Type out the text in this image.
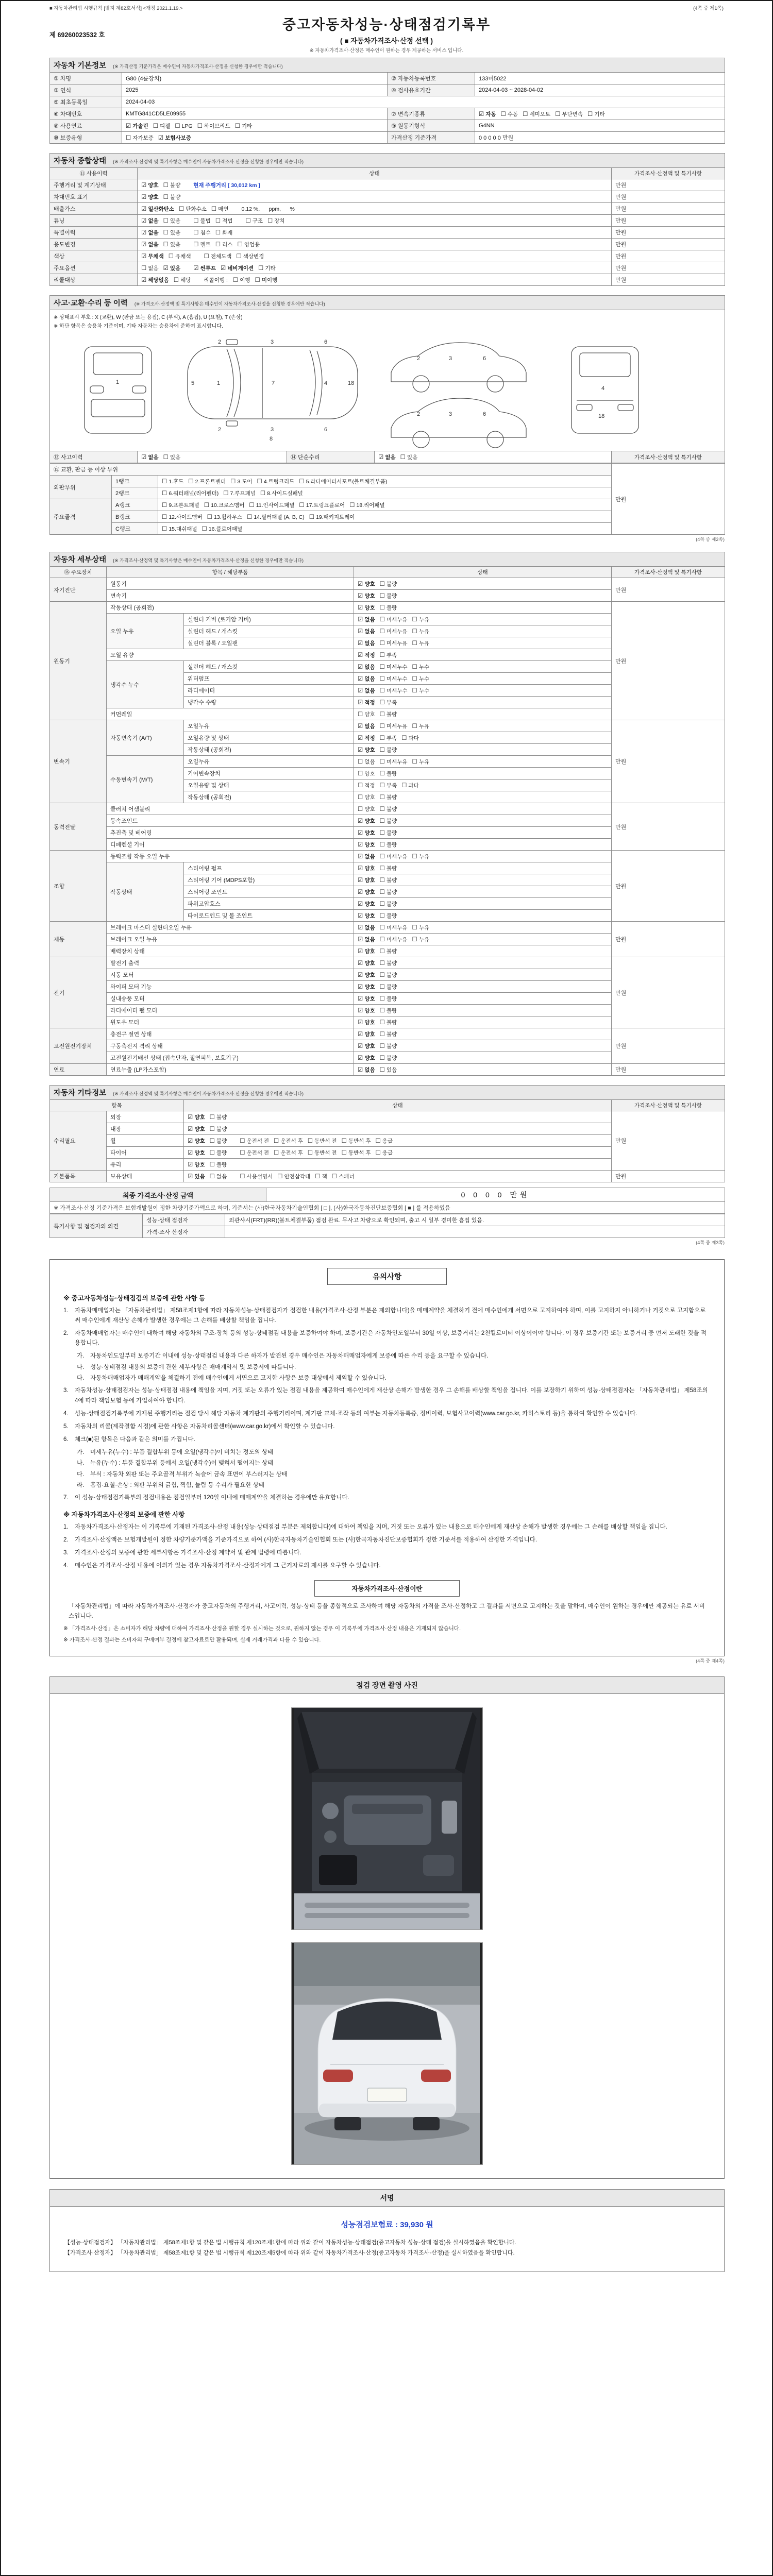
■ 자동차관리법 시행규칙 [별지 제82호서식] <개정 2021.1.19.>	(4쪽 중 제1쪽)
제 69260023532 호
중고자동차성능·상태점검기록부
( ■ 자동차가격조사·산정 선택 )
※ 자동차가격조사·산정은 매수인이 원하는 경우 제공하는 서비스 입니다.
자동차 기본정보 (※ 가격산정 기준가격은 매수인이 자동차가격조사·산정을 신청한 경우에만 적습니다)			
① 차명	G80 (4륜장치)	② 자동차등록번호	133머5022
③ 연식	2025	④ 검사유효기간	2024-04-03 ~ 2028-04-02
⑤ 최초등록일	2024-04-03		
⑥ 차대번호	KMTG841CD5LE09955	⑦ 변속기종류	☑ 자동 ☐ 수동 ☐ 세미오토 ☐ 무단변속 ☐ 기타
⑧ 사용연료	☑ 가솔린 ☐ 디젤 ☐ LPG ☐ 하이브리드 ☐ 기타	⑨ 원동기형식	G4NN
⑩ 보증유형	☐ 자가보증 ☑ 보험사보증	가격산정 기준가격	0 0 0 0 0 만원
자동차 종합상태 (※ 가격조사·산정액 및 특기사항은 매수인이 자동차가격조사·산정을 신청한 경우에만 적습니다)		
⑪ 사용이력	상태	가격조사·산정액 및 특기사항
주행거리 및 계기상태	☑ 양호 ☐ 불량 현재 주행거리 [ 30,012 km ]	만원
차대번호 표기	☑ 양호 ☐ 불량	만원
배출가스	☑ 일산화탄소 ☐ 탄화수소 ☐ 매연 0.12 %,      ppm,      %	만원
튜닝	☑ 없음 ☐ 있음 ☐ 불법 ☐ 적법 ☐ 구조 ☐ 장치	만원
특별이력	☑ 없음 ☐ 있음 ☐ 침수 ☐ 화재	만원
용도변경	☑ 없음 ☐ 있음 ☐ 렌트 ☐ 리스 ☐ 영업용	만원
색상	☑ 무채색 ☐ 유채색 ☐ 전체도색 ☐ 색상변경	만원
주요옵션	☐ 없음 ☑ 있음 ☑ 썬루프 ☑ 네비게이션 ☐ 기타	만원
리콜대상	☑ 해당없음 ☐ 해당 리콜이행 : ☐ 이행 ☐ 미이행	만원
사고·교환·수리 등 이력 (※ 가격조사·산정액 및 특기사항은 매수인이 자동차가격조사·산정을 신청한 경우에만 적습니다)

※ 상태표시 부호 : X (교환), W (판금 또는 용접), C (부식), A (흠집), U (요철), T (손상)
※ 하단 항목은 승용차 기준이며, 기타 자동차는 승용차에 준하여 표시합니다.
1	5	1	7	4	18
2
2
3
3
6
6
8
2	3	6
2	3	6
4
18

⑬ 사고이력	☑ 없음 ☐ 있음	⑭ 단순수리	☑ 없음 ☐ 있음	가격조사·산정액 및 특기사항
⑮ 교환, 판금 등 이상 부위			만원
외판부위	1랭크	☐ 1.후드 ☐ 2.프론트펜더 ☐ 3.도어 ☐ 4.트렁크리드 ☐ 5.라디에이터서포트(볼트체결부품)	
	2랭크	☐ 6.쿼터패널(리어펜더) ☐ 7.루프패널 ☐ 8.사이드실패널	
주요골격	A랭크	☐ 9.프론트패널 ☐ 10.크로스멤버 ☐ 11.인사이드패널 ☐ 17.트렁크플로어 ☐ 18.리어패널	
	B랭크	☐ 12.사이드멤버 ☐ 13.휠하우스 ☐ 14.필러패널 (A, B, C) ☐ 19.패키지트레이	
	C랭크	☐ 15.대쉬패널 ☐ 16.플로어패널	
(4쪽 중 제2쪽)
자동차 세부상태 (※ 가격조사·산정액 및 특기사항은 매수인이 자동차가격조사·산정을 신청한 경우에만 적습니다)				
⑯ 주요장치	항목 / 해당부품		상태	가격조사·산정액 및 특기사항
자기진단	원동기		☑ 양호 ☐ 불량	만원
	변속기		☑ 양호 ☐ 불량	
원동기	작동상태 (공회전)		☑ 양호 ☐ 불량	만원
	오일 누유	실린더 커버 (로커암 커버)	☑ 없음 ☐ 미세누유 ☐ 누유	
		실린더 헤드 / 개스킷	☑ 없음 ☐ 미세누유 ☐ 누유	
		실린더 블록 / 오일팬	☑ 없음 ☐ 미세누유 ☐ 누유	
	오일 유량		☑ 적정 ☐ 부족	
	냉각수 누수	실린더 헤드 / 개스킷	☑ 없음 ☐ 미세누수 ☐ 누수	
		워터펌프	☑ 없음 ☐ 미세누수 ☐ 누수	
		라디에이터	☑ 없음 ☐ 미세누수 ☐ 누수	
		냉각수 수량	☑ 적정 ☐ 부족	
	커먼레일		☐ 양호 ☐ 불량	
변속기	자동변속기 (A/T)	오일누유	☑ 없음 ☐ 미세누유 ☐ 누유	만원
		오일유량 및 상태	☑ 적정 ☐ 부족 ☐ 과다	
		작동상태 (공회전)	☑ 양호 ☐ 불량	
	수동변속기 (M/T)	오일누유	☐ 없음 ☐ 미세누유 ☐ 누유	
		기어변속장치	☐ 양호 ☐ 불량	
		오일유량 및 상태	☐ 적정 ☐ 부족 ☐ 과다	
		작동상태 (공회전)	☐ 양호 ☐ 불량	
동력전달	클러치 어셈블리		☐ 양호 ☐ 불량	만원
	등속조인트		☑ 양호 ☐ 불량	
	추진축 및 베어링		☑ 양호 ☐ 불량	
	디페렌셜 기어		☑ 양호 ☐ 불량	
조향	동력조향 작동 오일 누유		☑ 없음 ☐ 미세누유 ☐ 누유	만원
	작동상태	스티어링 펌프	☑ 양호 ☐ 불량	
		스티어링 기어 (MDPS포함)	☑ 양호 ☐ 불량	
		스티어링 조인트	☑ 양호 ☐ 불량	
		파워고압호스	☑ 양호 ☐ 불량	
		타이로드엔드 및 볼 조인트	☑ 양호 ☐ 불량	
제동	브레이크 마스터 실린더오일 누유		☑ 없음 ☐ 미세누유 ☐ 누유	만원
	브레이크 오일 누유		☑ 없음 ☐ 미세누유 ☐ 누유	
	배력장치 상태		☑ 양호 ☐ 불량	
전기	발전기 출력		☑ 양호 ☐ 불량	만원
	시동 모터		☑ 양호 ☐ 불량	
	와이퍼 모터 기능		☑ 양호 ☐ 불량	
	실내송풍 모터		☑ 양호 ☐ 불량	
	라디에이터 팬 모터		☑ 양호 ☐ 불량	
	윈도우 모터		☑ 양호 ☐ 불량	
고전원전기장치	충전구 절연 상태		☑ 양호 ☐ 불량	만원
	구동축전지 격리 상태		☑ 양호 ☐ 불량	
	고전원전기배선 상태 (접속단자, 절연피복, 보호기구)		☑ 양호 ☐ 불량	
연료	연료누출 (LP가스포함)		☑ 없음 ☐ 있음	만원
자동차 기타정보 (※ 가격조사·산정액 및 특기사항은 매수인이 자동차가격조사·산정을 신청한 경우에만 적습니다)			
항목		상태	가격조사·산정액 및 특기사항
수리필요	외장	☑ 양호 ☐ 불량	만원
	내장	☑ 양호 ☐ 불량	
	휠	☑ 양호 ☐ 불량 ☐ 운전석 전 ☐ 운전석 후 ☐ 동반석 전 ☐ 동반석 후 ☐ 응급	
	타이어	☑ 양호 ☐ 불량 ☐ 운전석 전 ☐ 운전석 후 ☐ 동반석 전 ☐ 동반석 후 ☐ 응급	
	유리	☑ 양호 ☐ 불량	
기본품목	보유상태	☑ 있음 ☐ 없음 ☐ 사용설명서 ☐ 안전삼각대 ☐ 잭 ☐ 스패너	만원
최종 가격조사·산정 금액	0 0 0 0 만원
※ 가격조사·산정 기준가격은 보험개발원이 정한 차량기준가액으로 하며, 기준서는 (사)한국자동차기술인협회 [ □ ], (사)한국자동차진단보증협회 [ ■ ] 를 적용하였음
특기사항 및 점검자의 의견	성능·상태 점검자	외관샤시(FRT)(RR)(볼트체결부품) 점검 완료. 무사고 차량으로 확인되며, 출고 시 일부 경미한 흠집 있음.
	가격·조사 산정자	
(4쪽 중 제3쪽)
유의사항
※ 중고자동차성능·상태점검의 보증에 관한 사항 등
1.	자동차매매업자는 「자동차관리법」 제58조제1항에 따라 자동차성능·상태점검자가 점검한 내용(가격조사·산정 부분은 제외합니다)을 매매계약을 체결하기 전에 매수인에게 서면으로 고지하여야 하며, 이를 고지하지 아니하거나 거짓으로 고지함으로써 매수인에게 재산상 손해가 발생한 경우에는 그 손해를 배상할 책임을 집니다.
2.	자동차매매업자는 매수인에 대하여 해당 자동차의 구조·장치 등의 성능·상태점검 내용을 보증하여야 하며, 보증기간은 자동차인도일부터 30일 이상, 보증거리는 2천킬로미터 이상이어야 합니다. 이 경우 보증기간 또는 보증거리 중 먼저 도래한 것을 적용합니다.
가.	자동차인도일부터 보증기간 이내에 성능·상태점검 내용과 다른 하자가 발견된 경우 매수인은 자동차매매업자에게 보증에 따른 수리 등을 요구할 수 있습니다.
나.	성능·상태점검 내용의 보증에 관한 세부사항은 매매계약서 및 보증서에 따릅니다.
다.	자동차매매업자가 매매계약을 체결하기 전에 매수인에게 서면으로 고지한 사항은 보증 대상에서 제외할 수 있습니다.
3.	자동차성능·상태점검자는 성능·상태점검 내용에 책임을 지며, 거짓 또는 오류가 있는 점검 내용을 제공하여 매수인에게 재산상 손해가 발생한 경우 그 손해를 배상할 책임을 집니다. 이를 보장하기 위하여 성능·상태점검자는 「자동차관리법」 제58조의4에 따라 책임보험 등에 가입하여야 합니다.
4.	성능·상태점검기록부에 기재된 주행거리는 점검 당시 해당 자동차 계기판의 주행거리이며, 계기판 교체·조작 등의 여부는 자동차등록증, 정비이력, 보험사고이력(www.car.go.kr, 카히스토리 등)을 통하여 확인할 수 있습니다.
5.	자동차의 리콜(제작결함 시정)에 관한 사항은 자동차리콜센터(www.car.go.kr)에서 확인할 수 있습니다.
6.	체크(■)된 항목은 다음과 같은 의미를 가집니다.
가.	미세누유(누수) : 부품 결합부위 등에 오일(냉각수)이 비치는 정도의 상태
나.	누유(누수) : 부품 결합부위 등에서 오일(냉각수)이 맺혀서 떨어지는 상태
다.	부식 : 자동차 외판 또는 주요골격 부위가 녹슬어 금속 표면이 부스러지는 상태
라.	흠집·요철·손상 : 외판 부위의 긁힘, 찍힘, 눌림 등 수리가 필요한 상태
7.	이 성능·상태점검기록부의 점검내용은 점검일부터 120일 이내에 매매계약을 체결하는 경우에만 유효합니다.
※ 자동차가격조사·산정의 보증에 관한 사항
1.	자동차가격조사·산정자는 이 기록부에 기재된 가격조사·산정 내용(성능·상태점검 부분은 제외합니다)에 대하여 책임을 지며, 거짓 또는 오류가 있는 내용으로 매수인에게 재산상 손해가 발생한 경우에는 그 손해를 배상할 책임을 집니다.
2.	가격조사·산정액은 보험개발원이 정한 차량기준가액을 기준가격으로 하여 (사)한국자동차기술인협회 또는 (사)한국자동차진단보증협회가 정한 기준서를 적용하여 산정한 가격입니다.
3.	가격조사·산정의 보증에 관한 세부사항은 가격조사·산정 계약서 및 관계 법령에 따릅니다.
4.	매수인은 가격조사·산정 내용에 이의가 있는 경우 자동차가격조사·산정자에게 그 근거자료의 제시를 요구할 수 있습니다.
자동차가격조사·산정이란
「자동차관리법」에 따라 자동차가격조사·산정자가 중고자동차의 주행거리, 사고이력, 성능·상태 등을 종합적으로 조사하여 해당 자동차의 가격을 조사·산정하고 그 결과를 서면으로 고지하는 것을 말하며, 매수인이 원하는 경우에만 제공되는 유료 서비스입니다.
※ 「가격조사·산정」은 소비자가 해당 차량에 대하여 가격조사·산정을 원할 경우 실시하는 것으로, 원하지 않는 경우 이 기록부에 가격조사·산정 내용은 기재되지 않습니다.
※ 가격조사·산정 결과는 소비자의 구매여부 결정에 참고자료로만 활용되며, 실제 거래가격과 다를 수 있습니다.
(4쪽 중 제4쪽)
점검 장면 촬영 사진
서명
성능점검보험료 : 39,930 원
【성능·상태점검자】 「자동차관리법」 제58조제1항 및 같은 법 시행규칙 제120조제1항에 따라 위와 같이 자동차성능·상태점검(중고자동차 성능·상태 점검)을 실시하였음을 확인합니다.
【가격조사·산정자】 「자동차관리법」 제58조제1항 및 같은 법 시행규칙 제120조제5항에 따라 위와 같이 자동차가격조사·산정(중고자동차 가격조사·산정)을 실시하였음을 확인합니다.
